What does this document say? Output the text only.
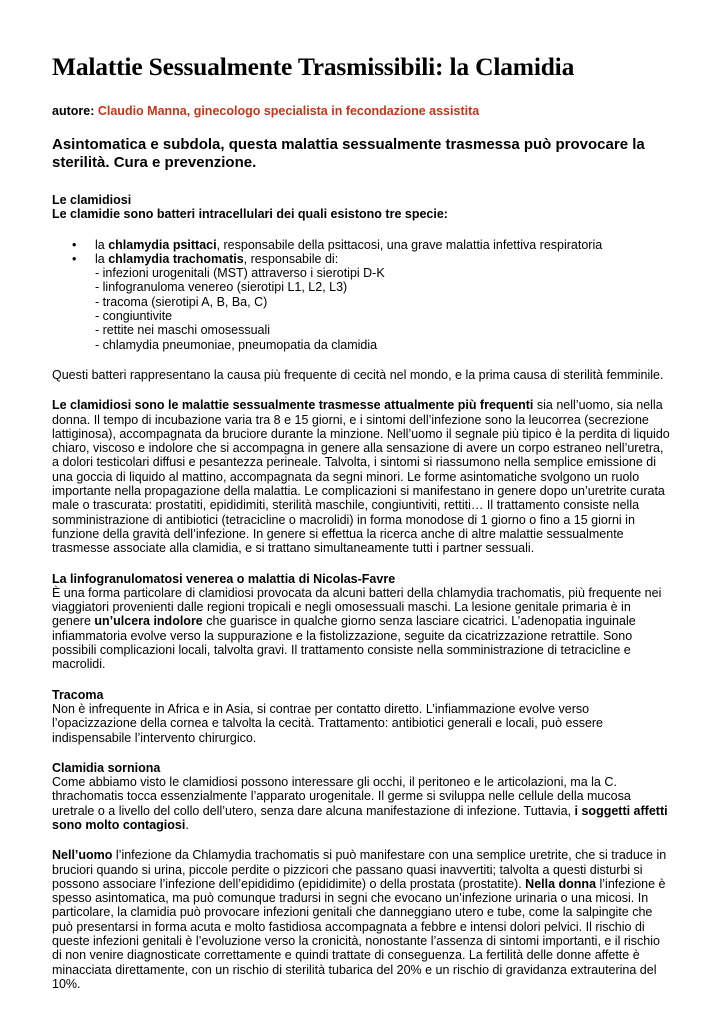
Malattie Sessualmente Trasmissibili: la Clamidia
autore: Claudio Manna, ginecologo specialista in fecondazione assistita
Asintomatica e subdola, questa malattia sessualmente trasmessa può provocare la sterilità. Cura e prevenzione.
Le clamidiosi
Le clamidie sono batteri intracellulari dei quali esistono tre specie:
• la chlamydia psittaci, responsabile della psittacosi, una grave malattia infettiva respiratoria
• la chlamydia trachomatis, responsabile di:
- infezioni urogenitali (MST) attraverso i sierotipi D-K
- linfogranuloma venereo (sierotipi L1, L2, L3)
- tracoma (sierotipi A, B, Ba, C)
- congiuntivite
- rettite nei maschi omosessuali
- chlamydia pneumoniae, pneumopatia da clamidia

Questi batteri rappresentano la causa più frequente di cecità nel mondo, e la prima causa di sterilità femminile.

Le clamidiosi sono le malattie sessualmente trasmesse attualmente più frequenti sia nell’uomo, sia nella donna. Il tempo di incubazione varia tra 8 e 15 giorni, e i sintomi dell’infezione sono la leucorrea (secrezione lattiginosa), accompagnata da bruciore durante la minzione. Nell’uomo il segnale più tipico è la perdita di liquido chiaro, viscoso e indolore che si accompagna in genere alla sensazione di avere un corpo estraneo nell’uretra, a dolori testicolari diffusi e pesantezza perineale. Talvolta, i sintomi si riassumono nella semplice emissione di una goccia di liquido al mattino, accompagnata da segni minori. Le forme asintomatiche svolgono un ruolo importante nella propagazione della malattia. Le complicazioni si manifestano in genere dopo un’uretrite curata male o trascurata: prostatiti, epididimiti, sterilità maschile, congiuntiviti, rettiti… Il trattamento consiste nella somministrazione di antibiotici (tetracicline o macrolidi) in forma monodose di 1 giorno o fino a 15 giorni in funzione della gravità dell’infezione. In genere si effettua la ricerca anche di altre malattie sessualmente trasmesse associate alla clamidia, e si trattano simultaneamente tutti i partner sessuali.

La linfogranulomatosi venerea o malattia di Nicolas-Favre
È una forma particolare di clamidiosi provocata da alcuni batteri della chlamydia trachomatis, più frequente nei viaggiatori provenienti dalle regioni tropicali e negli omosessuali maschi. La lesione genitale primaria è in genere un’ulcera indolore che guarisce in qualche giorno senza lasciare cicatrici. L’adenopatia inguinale infiammatoria evolve verso la suppurazione e la fistolizzazione, seguite da cicatrizzazione retrattile. Sono possibili complicazioni locali, talvolta gravi. Il trattamento consiste nella somministrazione di tetracicline e macrolidi.
Tracoma
Non è infrequente in Africa e in Asia, si contrae per contatto diretto. L’infiammazione evolve verso l’opacizzazione della cornea e talvolta la cecità. Trattamento: antibiotici generali e locali, può essere indispensabile l’intervento chirurgico.
Clamidia sorniona
Come abbiamo visto le clamidiosi possono interessare gli occhi, il peritoneo e le articolazioni, ma la C. thrachomatis tocca essenzialmente l’apparato urogenitale. Il germe si sviluppa nelle cellule della mucosa uretrale o a livello del collo dell’utero, senza dare alcuna manifestazione di infezione. Tuttavia, i soggetti affetti sono molto contagiosi.

Nell’uomo l’infezione da Chlamydia trachomatis si può manifestare con una semplice uretrite, che si traduce in bruciori quando si urina, piccole perdite o pizzicori che passano quasi inavvertiti; talvolta a questi disturbi si possono associare l’infezione dell’epididimo (epididimite) o della prostata (prostatite). Nella donna l’infezione è spesso asintomatica, ma può comunque tradursi in segni che evocano un’infezione urinaria o una micosi. In particolare, la clamidia può provocare infezioni genitali che danneggiano utero e tube, come la salpingite che può presentarsi in forma acuta e molto fastidiosa accompagnata a febbre e intensi dolori pelvici. Il rischio di queste infezioni genitali è l’evoluzione verso la cronicità, nonostante l’assenza di sintomi importanti, e il rischio di non venire diagnosticate correttamente e quindi trattate di conseguenza. La fertilità delle donne affette è minacciata direttamente, con un rischio di sterilità tubarica del 20% e un rischio di gravidanza extrauterina del 10%.
